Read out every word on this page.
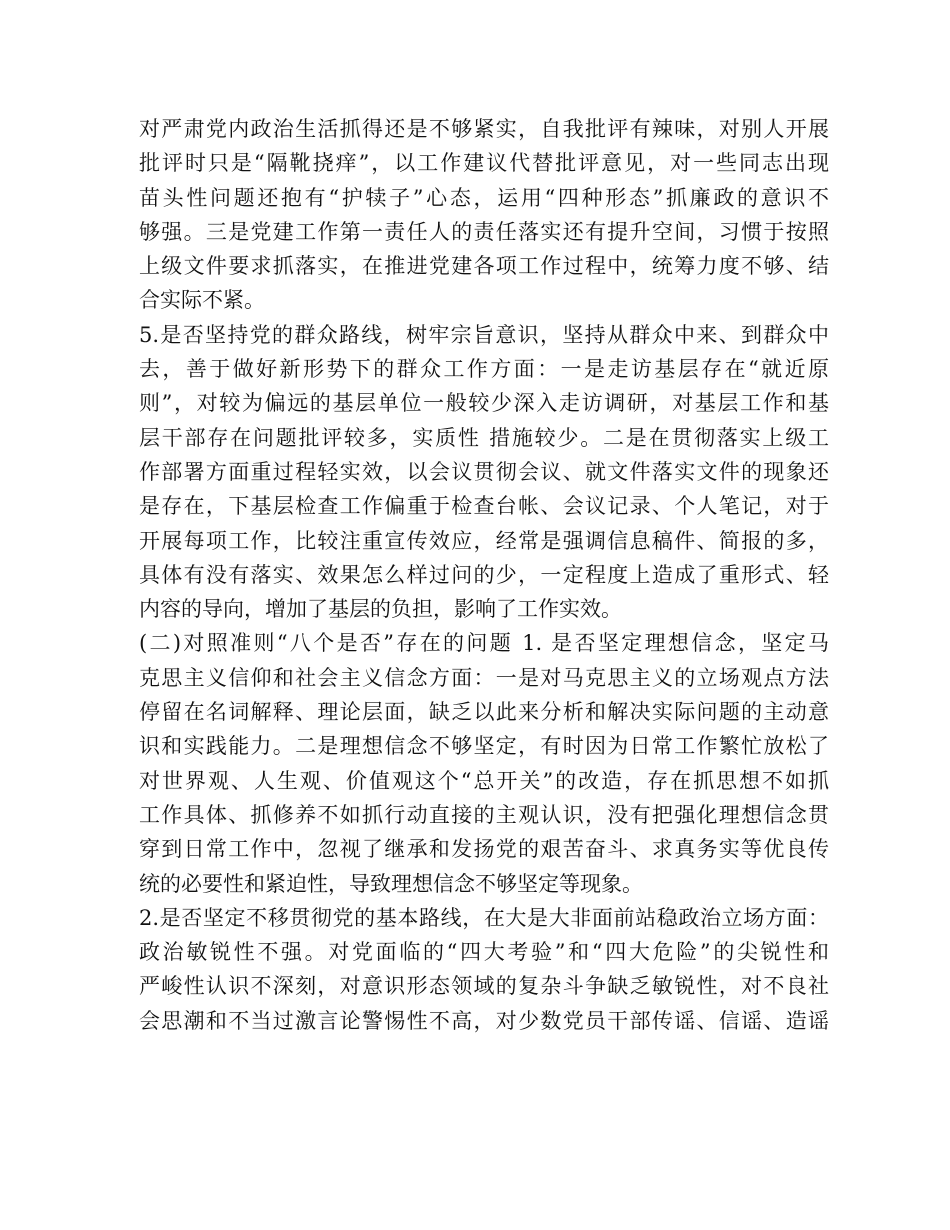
对严肃党内政治生活抓得还是不够紧实，自我批评有辣味，对别人开展
批评时只是“隔靴挠痒”，以工作建议代替批评意见，对一些同志出现
苗头性问题还抱有“护犊子”心态，运用“四种形态”抓廉政的意识不
够强。三是党建工作第一责任人的责任落实还有提升空间，习惯于按照
上级文件要求抓落实，在推进党建各项工作过程中，统筹力度不够、结
合实际不紧。
5.是否坚持党的群众路线，树牢宗旨意识，坚持从群众中来、到群众中
去，善于做好新形势下的群众工作方面：一是走访基层存在“就近原
则”，对较为偏远的基层单位一般较少深入走访调研，对基层工作和基
层干部存在问题批评较多，实质性 措施较少。二是在贯彻落实上级工
作部署方面重过程轻实效，以会议贯彻会议、就文件落实文件的现象还
是存在，下基层检查工作偏重于检查台帐、会议记录、个人笔记，对于
开展每项工作，比较注重宣传效应，经常是强调信息稿件、简报的多，
具体有没有落实、效果怎么样过问的少，一定程度上造成了重形式、轻
内容的导向，增加了基层的负担，影响了工作实效。
(二)对照准则“八个是否”存在的问题 1. 是否坚定理想信念，坚定马
克思主义信仰和社会主义信念方面：一是对马克思主义的立场观点方法
停留在名词解释、理论层面，缺乏以此来分析和解决实际问题的主动意
识和实践能力。二是理想信念不够坚定，有时因为日常工作繁忙放松了
对世界观、人生观、价值观这个“总开关”的改造，存在抓思想不如抓
工作具体、抓修养不如抓行动直接的主观认识，没有把强化理想信念贯
穿到日常工作中，忽视了继承和发扬党的艰苦奋斗、求真务实等优良传
统的必要性和紧迫性，导致理想信念不够坚定等现象。
2.是否坚定不移贯彻党的基本路线，在大是大非面前站稳政治立场方面：
政治敏锐性不强。对党面临的“四大考验”和“四大危险”的尖锐性和
严峻性认识不深刻，对意识形态领域的复杂斗争缺乏敏锐性，对不良社
会思潮和不当过激言论警惕性不高，对少数党员干部传谣、信谣、造谣
